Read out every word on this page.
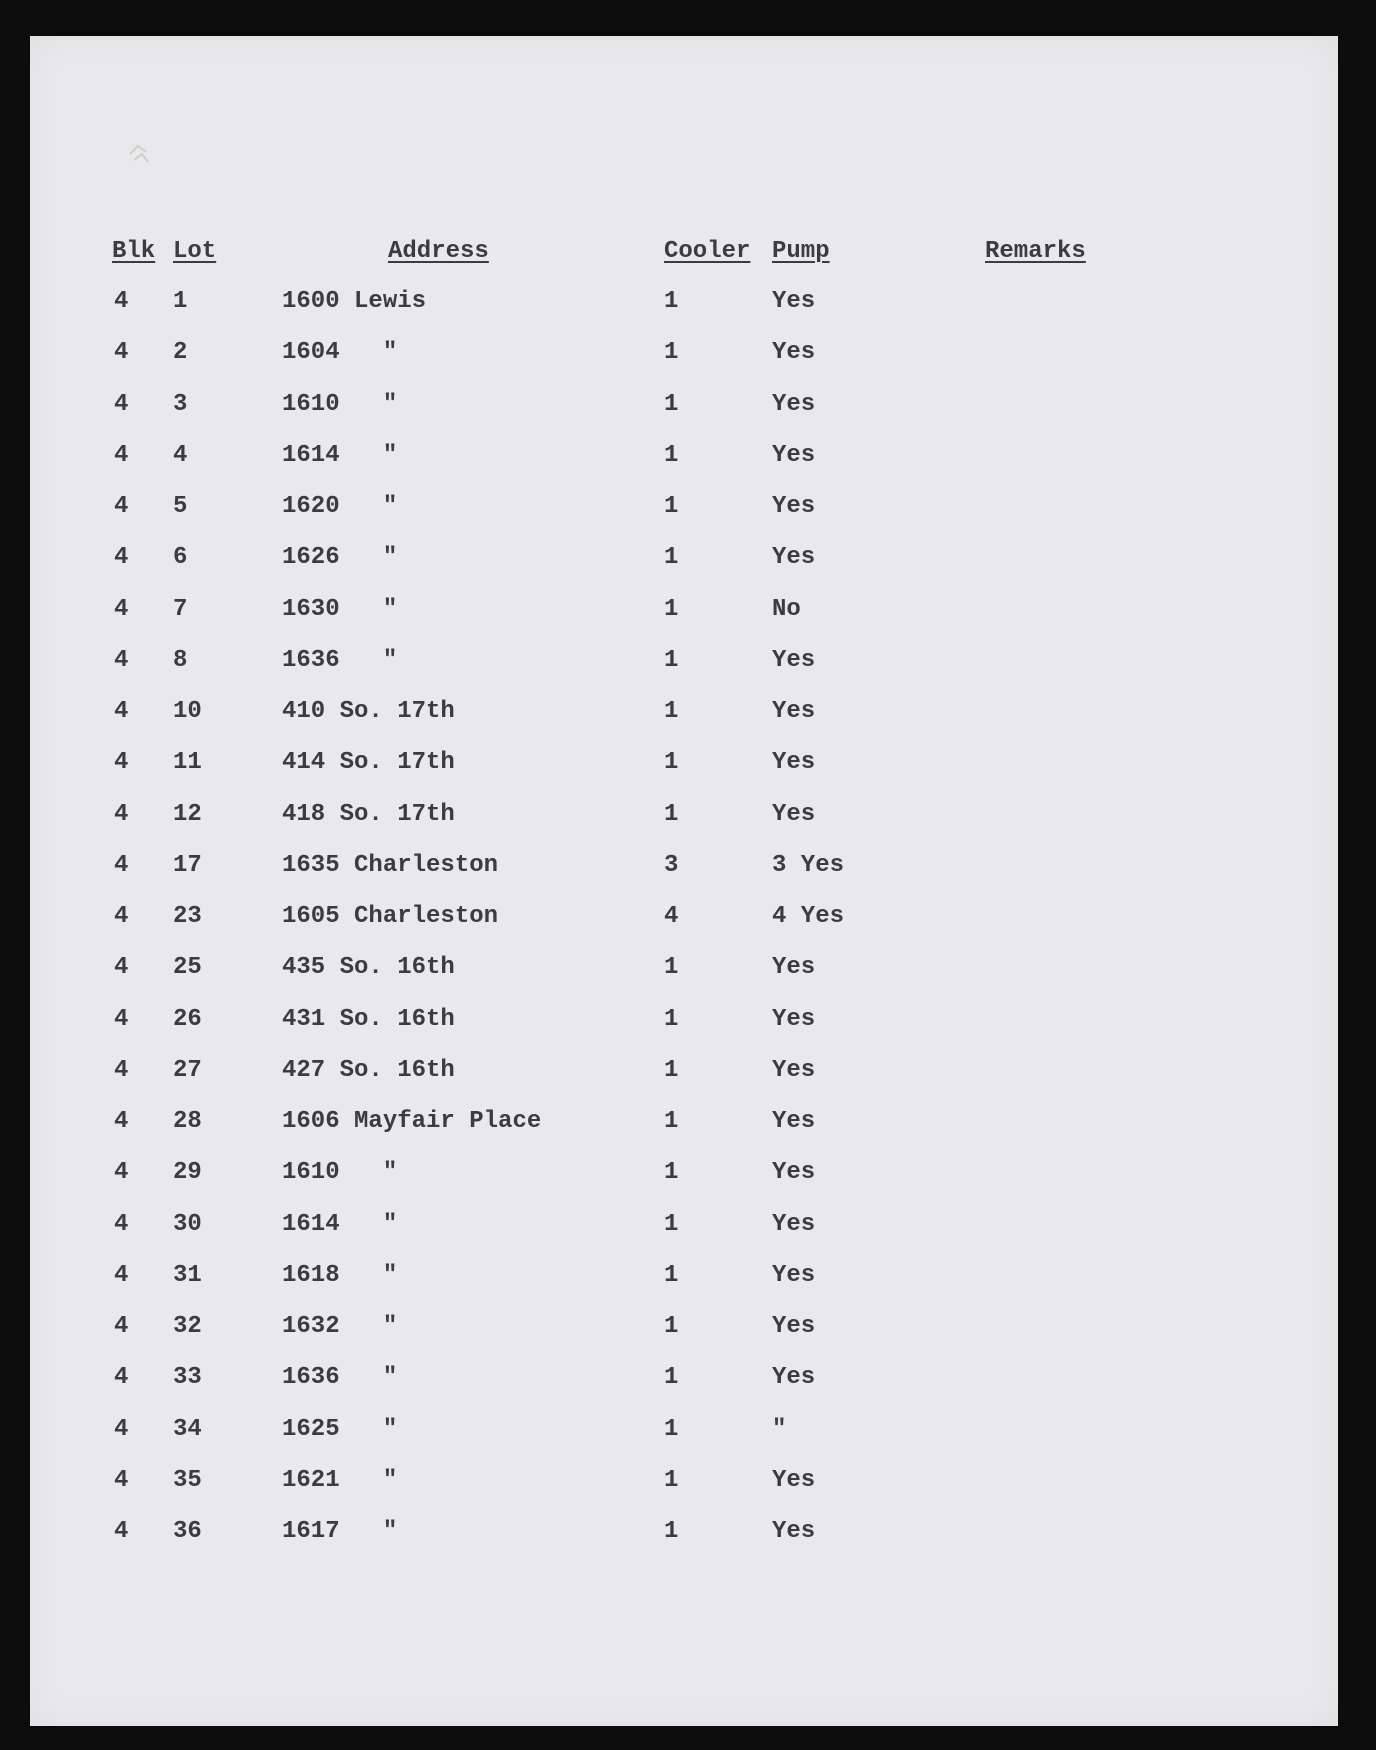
Blk Lot	Address	Cooler Pump	Remarks
4 1	1600 Lewis	1	Yes
4 2	1604   "	1	Yes
4 3	1610   "	1	Yes
4 4	1614   "	1	Yes
4 5	1620   "	1	Yes
4 6	1626   "	1	Yes
4 7	1630   "	1	No
4 8	1636   "	1	Yes
4 10	410 So. 17th	1	Yes
4 11	414 So. 17th	1	Yes
4 12	418 So. 17th	1	Yes
4 17	1635 Charleston	3	3 Yes
4 23	1605 Charleston	4	4 Yes
4 25	435 So. 16th	1	Yes
4 26	431 So. 16th	1	Yes
4 27	427 So. 16th	1	Yes
4 28	1606 Mayfair Place	1	Yes
4 29	1610   "	1	Yes
4 30	1614   "	1	Yes
4 31	1618   "	1	Yes
4 32	1632   "	1	Yes
4 33	1636   "	1	Yes
4 34	1625   "	1	"
4 35	1621   "	1	Yes
4 36	1617   "	1	Yes
